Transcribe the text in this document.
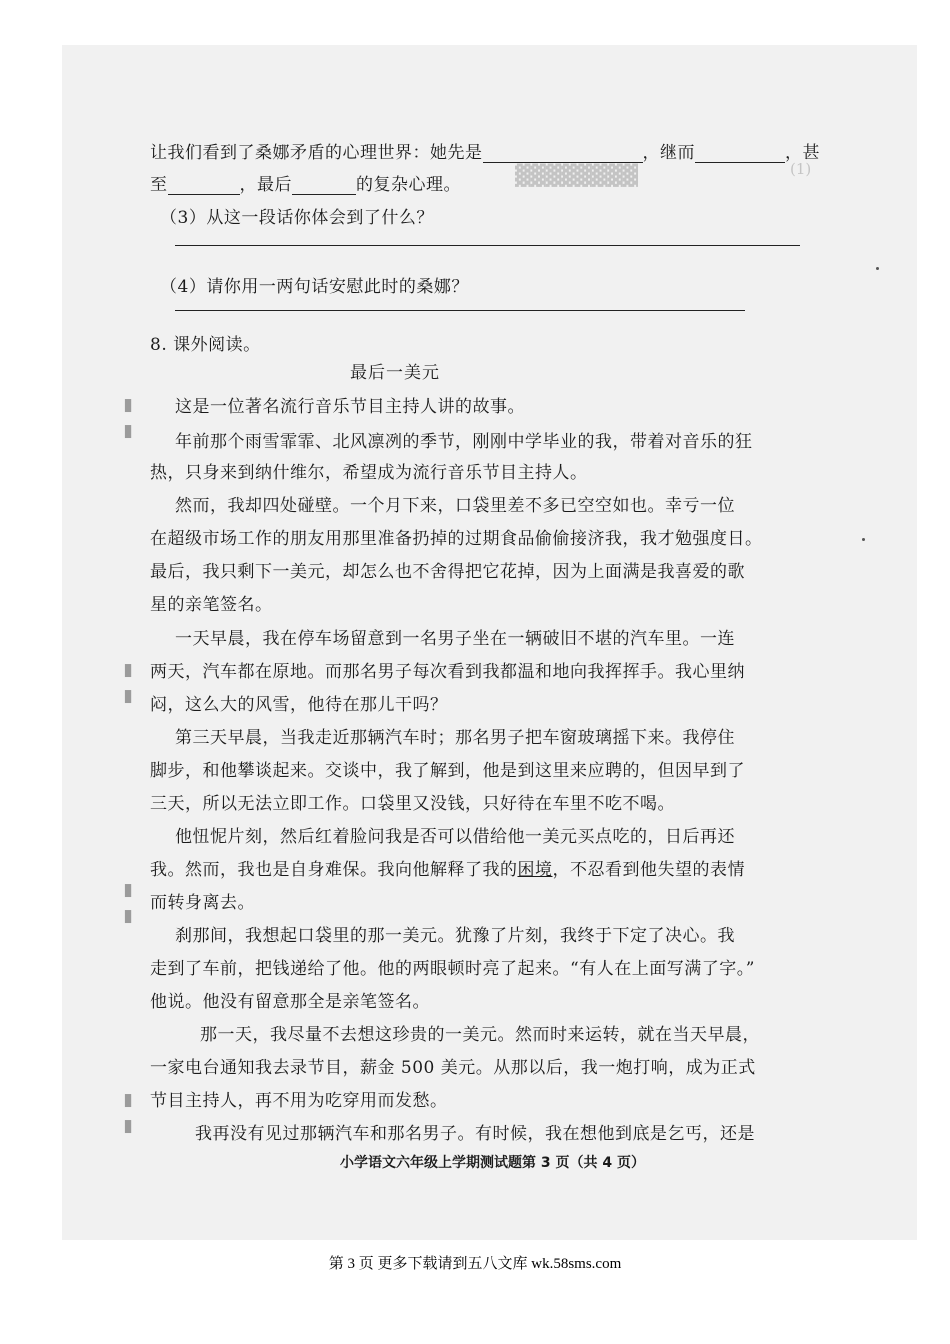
▓▓▓▓▓▓▓▓	(1)
▮▮
▮▮
▮▮
▮▮
让我们看到了桑娜矛盾的心理世界：她先是	，继而	，甚
至	，最后	的复杂心理。
（3）从这一段话你体会到了什么？
（4）请你用一两句话安慰此时的桑娜？
8. 课外阅读。
最后一美元
这是一位著名流行音乐节目主持人讲的故事。
年前那个雨雪霏霏、北风凛冽的季节，刚刚中学毕业的我，带着对音乐的狂
热，只身来到纳什维尔，希望成为流行音乐节目主持人。
然而，我却四处碰壁。一个月下来，口袋里差不多已空空如也。幸亏一位
在超级市场工作的朋友用那里准备扔掉的过期食品偷偷接济我，我才勉强度日。
最后，我只剩下一美元，却怎么也不舍得把它花掉，因为上面满是我喜爱的歌
星的亲笔签名。
一天早晨，我在停车场留意到一名男子坐在一辆破旧不堪的汽车里。一连
两天，汽车都在原地。而那名男子每次看到我都温和地向我挥挥手。我心里纳
闷，这么大的风雪，他待在那儿干吗？
第三天早晨，当我走近那辆汽车时；那名男子把车窗玻璃摇下来。我停住
脚步，和他攀谈起来。交谈中，我了解到，他是到这里来应聘的，但因早到了
三天，所以无法立即工作。口袋里又没钱，只好待在车里不吃不喝。
他忸怩片刻，然后红着脸问我是否可以借给他一美元买点吃的，日后再还
我。然而，我也是自身难保。我向他解释了我的困境，不忍看到他失望的表情
而转身离去。
刹那间，我想起口袋里的那一美元。犹豫了片刻，我终于下定了决心。我
走到了车前，把钱递给了他。他的两眼顿时亮了起来。“有人在上面写满了字。”
他说。他没有留意那全是亲笔签名。
那一天，我尽量不去想这珍贵的一美元。然而时来运转，就在当天早晨，
一家电台通知我去录节目，薪金 500 美元。从那以后，我一炮打响，成为正式
节目主持人，再不用为吃穿用而发愁。
我再没有见过那辆汽车和那名男子。有时候，我在想他到底是乞丐，还是
小学语文六年级上学期测试题第 3 页（共 4 页）
第 3 页 更多下载请到五八文库 wk.58sms.com
